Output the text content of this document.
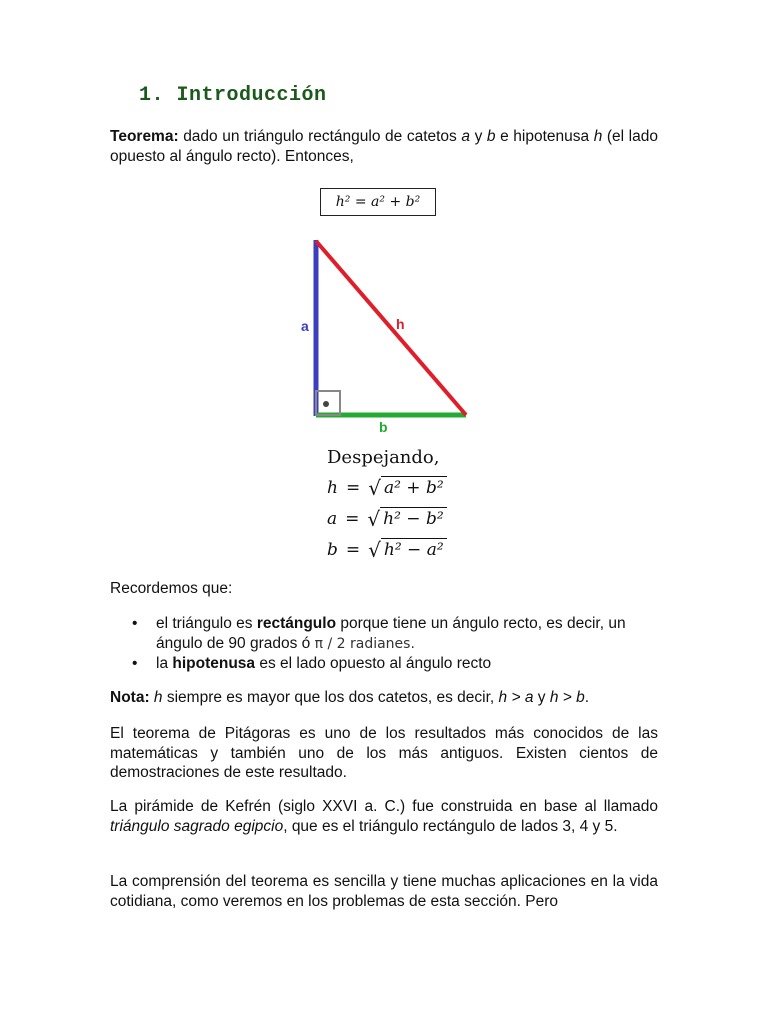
1. Introducción
Teorema: dado un triángulo rectángulo de catetos a y b e hipotenusa h (el lado opuesto al ángulo recto). Entonces,
h² = a² + b²
a	h
b
Despejando,
h = √ a² + b²
a = √ h² − b²
b = √ h² − a²
Recordemos que:
• el triángulo es rectángulo porque tiene un ángulo recto, es decir, un ángulo de 90 grados ó π / 2 radianes.
• la hipotenusa es el lado opuesto al ángulo recto
Nota: h siempre es mayor que los dos catetos, es decir, h > a y h > b.
El teorema de Pitágoras es uno de los resultados más conocidos de las matemáticas y también uno de los más antiguos. Existen cientos de demostraciones de este resultado.
La pirámide de Kefrén (siglo XXVI a. C.) fue construida en base al llamado triángulo sagrado egipcio, que es el triángulo rectángulo de lados 3, 4 y 5.
La comprensión del teorema es sencilla y tiene muchas aplicaciones en la vida cotidiana, como veremos en los problemas de esta sección. Pero
